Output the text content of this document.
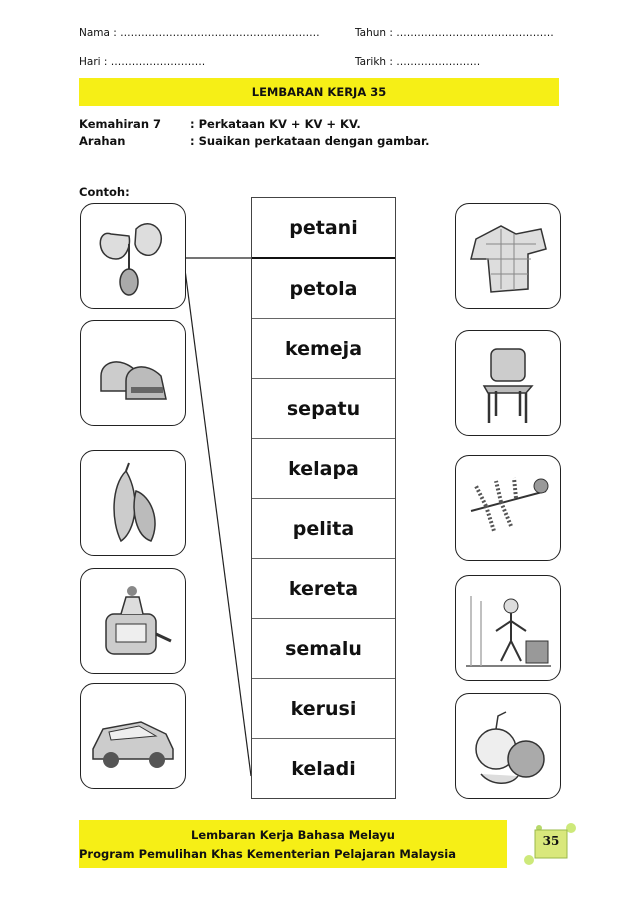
Nama : …………………………………………………	Tahun : ………………………………………
Hari : ………………………	Tarikh : ……………………
LEMBARAN KERJA 35
Kemahiran 7	: Perkataan KV + KV + KV.
Arahan	: Suaikan perkataan dengan gambar.
Contoh:
petani
petola
kemeja
sepatu
kelapa
pelita
kereta
semalu
kerusi
keladi
Lembaran Kerja Bahasa Melayu
Program Pemulihan Khas Kementerian Pelajaran Malaysia
35
